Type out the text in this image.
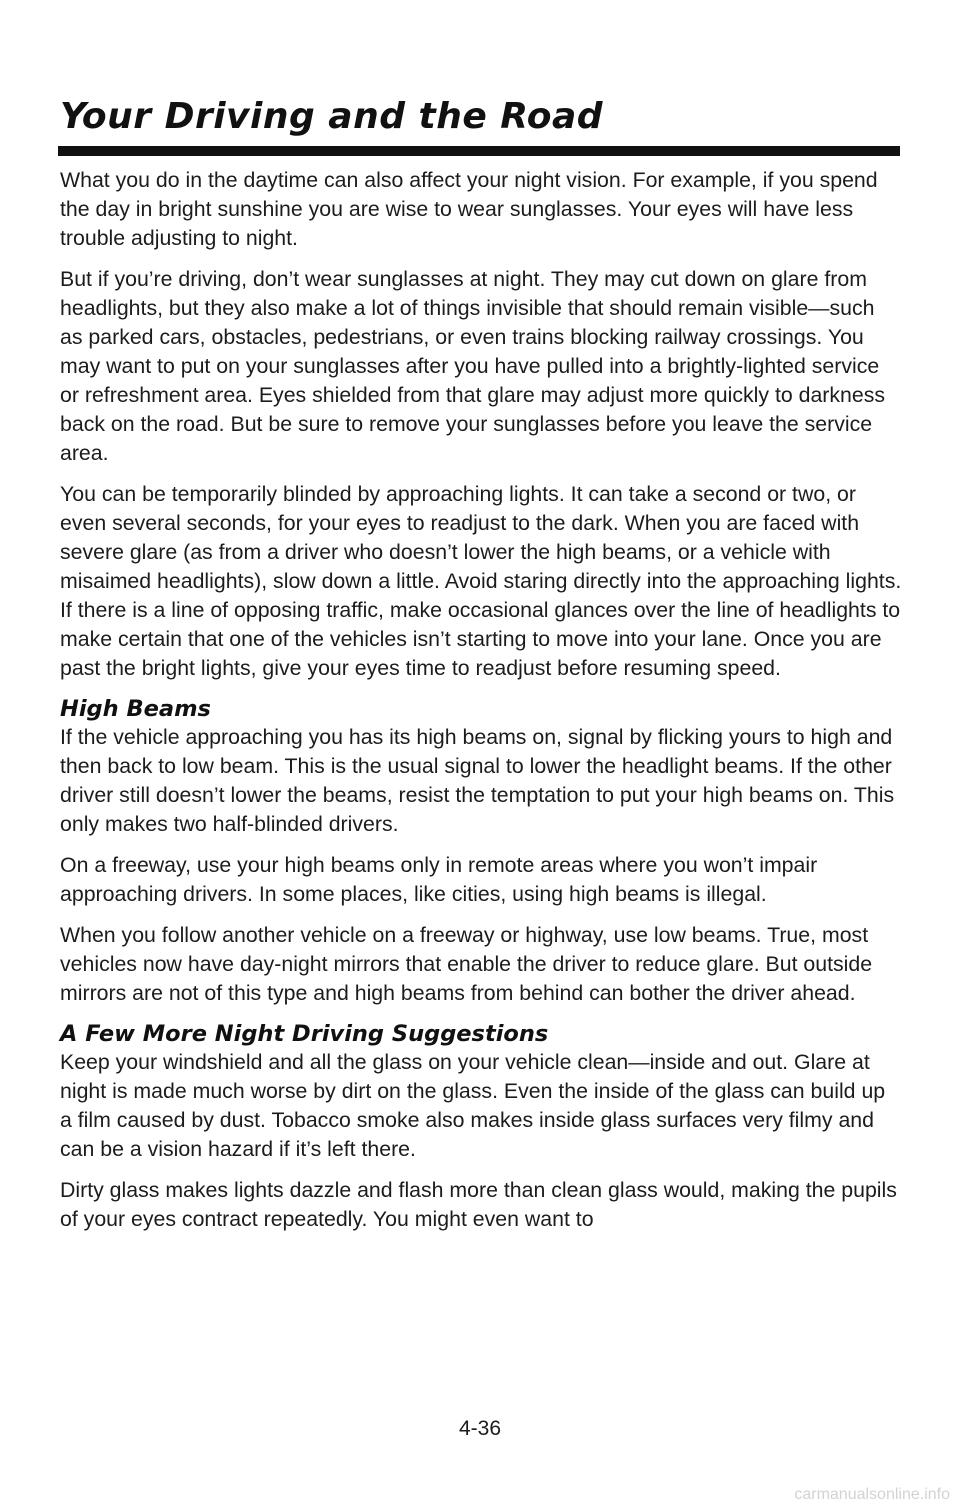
Your Driving and the Road

What you do in the daytime can also affect your night vision. For example, if you spend the day in bright sunshine you are wise to wear sunglasses. Your eyes will have less trouble adjusting to night.

But if you’re driving, don’t wear sunglasses at night. They may cut down on glare from headlights, but they also make a lot of things invisible that should remain visible—such as parked cars, obstacles, pedestrians, or even trains blocking railway crossings. You may want to put on your sunglasses after you have pulled into a brightly-lighted service or refreshment area. Eyes shielded from that glare may adjust more quickly to darkness back on the road. But be sure to remove your sunglasses before you leave the service area.

You can be temporarily blinded by approaching lights. It can take a second or two, or even several seconds, for your eyes to readjust to the dark. When you are faced with severe glare (as from a driver who doesn’t lower the high beams, or a vehicle with misaimed headlights), slow down a little. Avoid staring directly into the approaching lights. If there is a line of opposing traffic, make occasional glances over the line of headlights to make certain that one of the vehicles isn’t starting to move into your lane. Once you are past the bright lights, give your eyes time to readjust before resuming speed.

High Beams

If the vehicle approaching you has its high beams on, signal by flicking yours to high and then back to low beam. This is the usual signal to lower the headlight beams. If the other driver still doesn’t lower the beams, resist the temptation to put your high beams on. This only makes two half-blinded drivers.

On a freeway, use your high beams only in remote areas where you won’t impair approaching drivers. In some places, like cities, using high beams is illegal.

When you follow another vehicle on a freeway or highway, use low beams. True, most vehicles now have day-night mirrors that enable the driver to reduce glare. But outside mirrors are not of this type and high beams from behind can bother the driver ahead.

A Few More Night Driving Suggestions

Keep your windshield and all the glass on your vehicle clean—inside and out. Glare at night is made much worse by dirt on the glass. Even the inside of the glass can build up a film caused by dust. Tobacco smoke also makes inside glass surfaces very filmy and can be a vision hazard if it’s left there.

Dirty glass makes lights dazzle and flash more than clean glass would, making the pupils of your eyes contract repeatedly. You might even want to

4-36
carmanualsonline.info
